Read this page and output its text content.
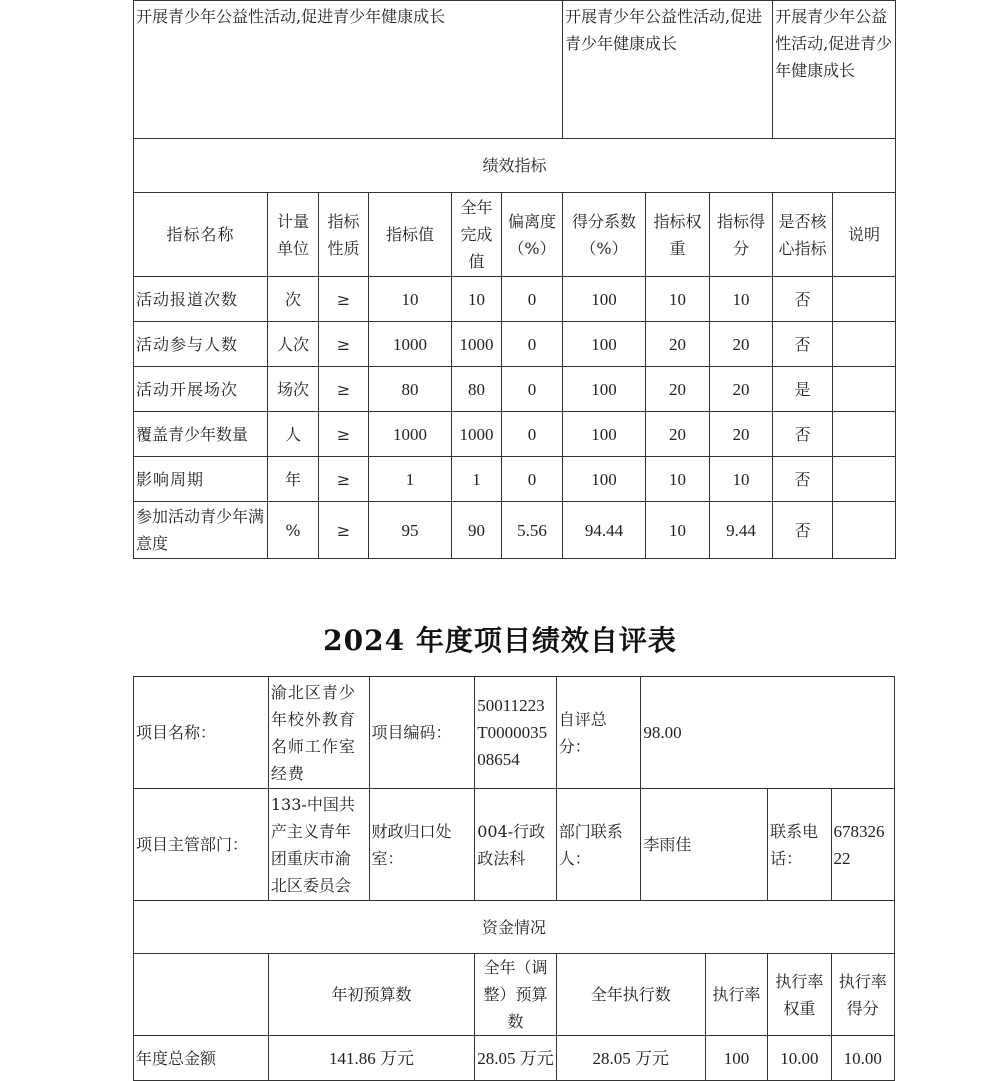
开展青少年公益性活动,促进青少年健康成长						开展青少年公益性活动,促进青少年健康成长			开展青少年公益性活动,促进青少年健康成长	
绩效指标										
指标名称	计量单位	指标性质	指标值	全年完成值	偏离度（%）	得分系数（%）	指标权重	指标得分	是否核心指标	说明
活动报道次数	次	≥	10	10	0	100	10	10	否	
活动参与人数	人次	≥	1000	1000	0	100	20	20	否	
活动开展场次	场次	≥	80	80	0	100	20	20	是	
覆盖青少年数量	人	≥	1000	1000	0	100	20	20	否	
影响周期	年	≥	1	1	0	100	10	10	否	
参加活动青少年满意度	%	≥	95	90	5.56	94.44	10	9.44	否	
2024 年度项目绩效自评表
项目名称：	渝北区青少年校外教育名师工作室经费	项目编码：	50011223T000003508654	自评总分：	98.00			
项目主管部门：	133-中国共产主义青年团重庆市渝北区委员会	财政归口处室：	004-行政政法科	部门联系人：	李雨佳		联系电话：	67832622
资金情况								
	年初预算数		全年（调整）预算数	全年执行数		执行率	执行率权重	执行率得分
年度总金额	141.86 万元		28.05 万元	28.05 万元		100	10.00	10.00
